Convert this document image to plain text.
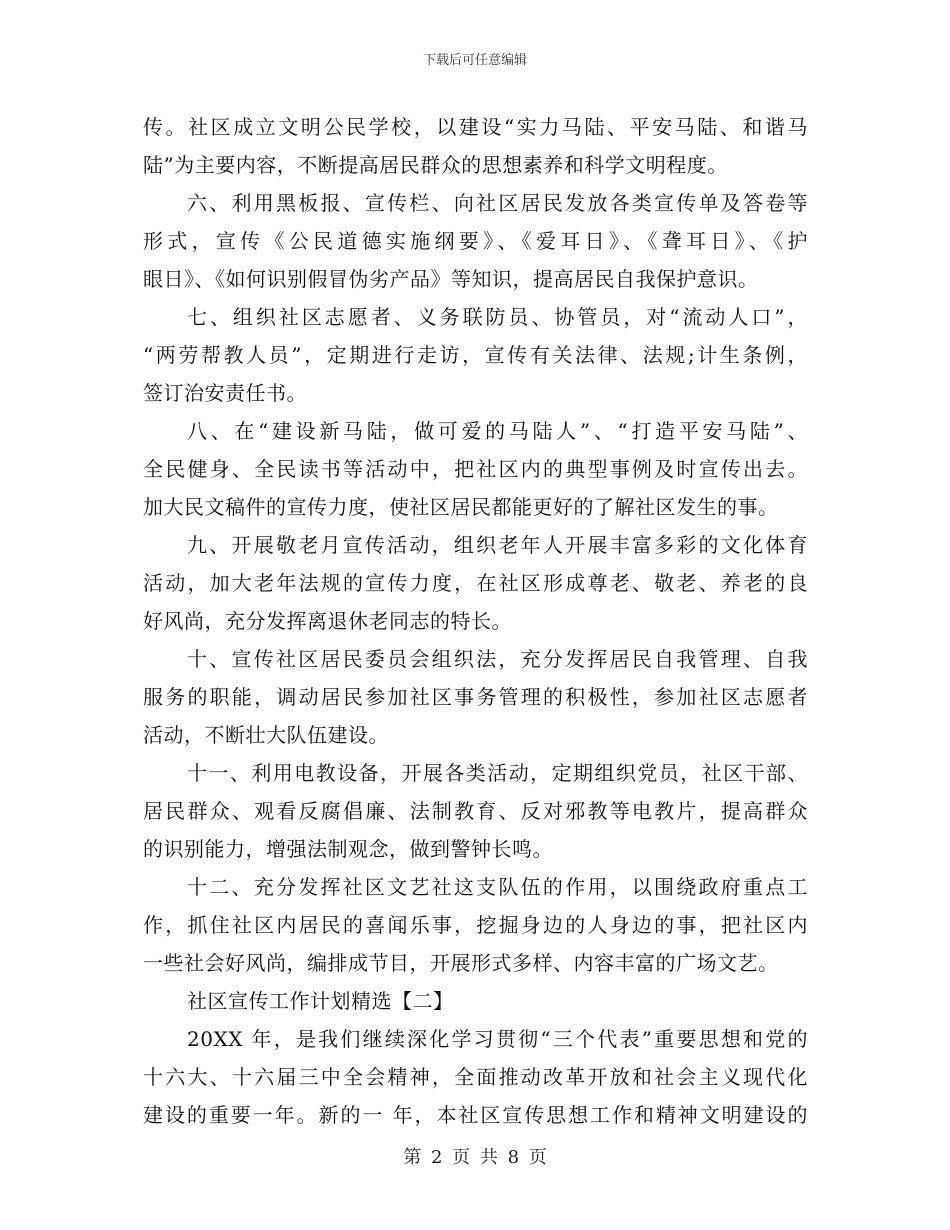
下载后可任意编辑
传。社区成立文明公民学校，以建设“实力马陆、平安马陆、和谐马
陆”为主要内容，不断提高居民群众的思想素养和科学文明程度。
六、利用黑板报、宣传栏、向社区居民发放各类宣传单及答卷等
形式，宣传《公民道德实施纲要》、《爱耳日》、《聋耳日》、《护
眼日》、《如何识别假冒伪劣产品》等知识，提高居民自我保护意识。
七、组织社区志愿者、义务联防员、协管员，对“流动人口”，
“两劳帮教人员”，定期进行走访，宣传有关法律、法规;计生条例，
签订治安责任书。
八、在“建设新马陆，做可爱的马陆人”、“打造平安马陆”、
全民健身、全民读书等活动中，把社区内的典型事例及时宣传出去。
加大民文稿件的宣传力度，使社区居民都能更好的了解社区发生的事。
九、开展敬老月宣传活动，组织老年人开展丰富多彩的文化体育
活动，加大老年法规的宣传力度，在社区形成尊老、敬老、养老的良
好风尚，充分发挥离退休老同志的特长。
十、宣传社区居民委员会组织法，充分发挥居民自我管理、自我
服务的职能，调动居民参加社区事务管理的积极性，参加社区志愿者
活动，不断壮大队伍建设。
十一、利用电教设备，开展各类活动，定期组织党员，社区干部、
居民群众、观看反腐倡廉、法制教育、反对邪教等电教片，提高群众
的识别能力，增强法制观念，做到警钟长鸣。
十二、充分发挥社区文艺社这支队伍的作用，以围绕政府重点工
作，抓住社区内居民的喜闻乐事，挖掘身边的人身边的事，把社区内
一些社会好风尚，编排成节目，开展形式多样、内容丰富的广场文艺。
社区宣传工作计划精选【二】
20XX 年，是我们继续深化学习贯彻“三个代表”重要思想和党的
十六大、十六届三中全会精神，全面推动改革开放和社会主义现代化
建设的重要一年。新的一 年，本社区宣传思想工作和精神文明建设的
第 2 页 共 8 页
